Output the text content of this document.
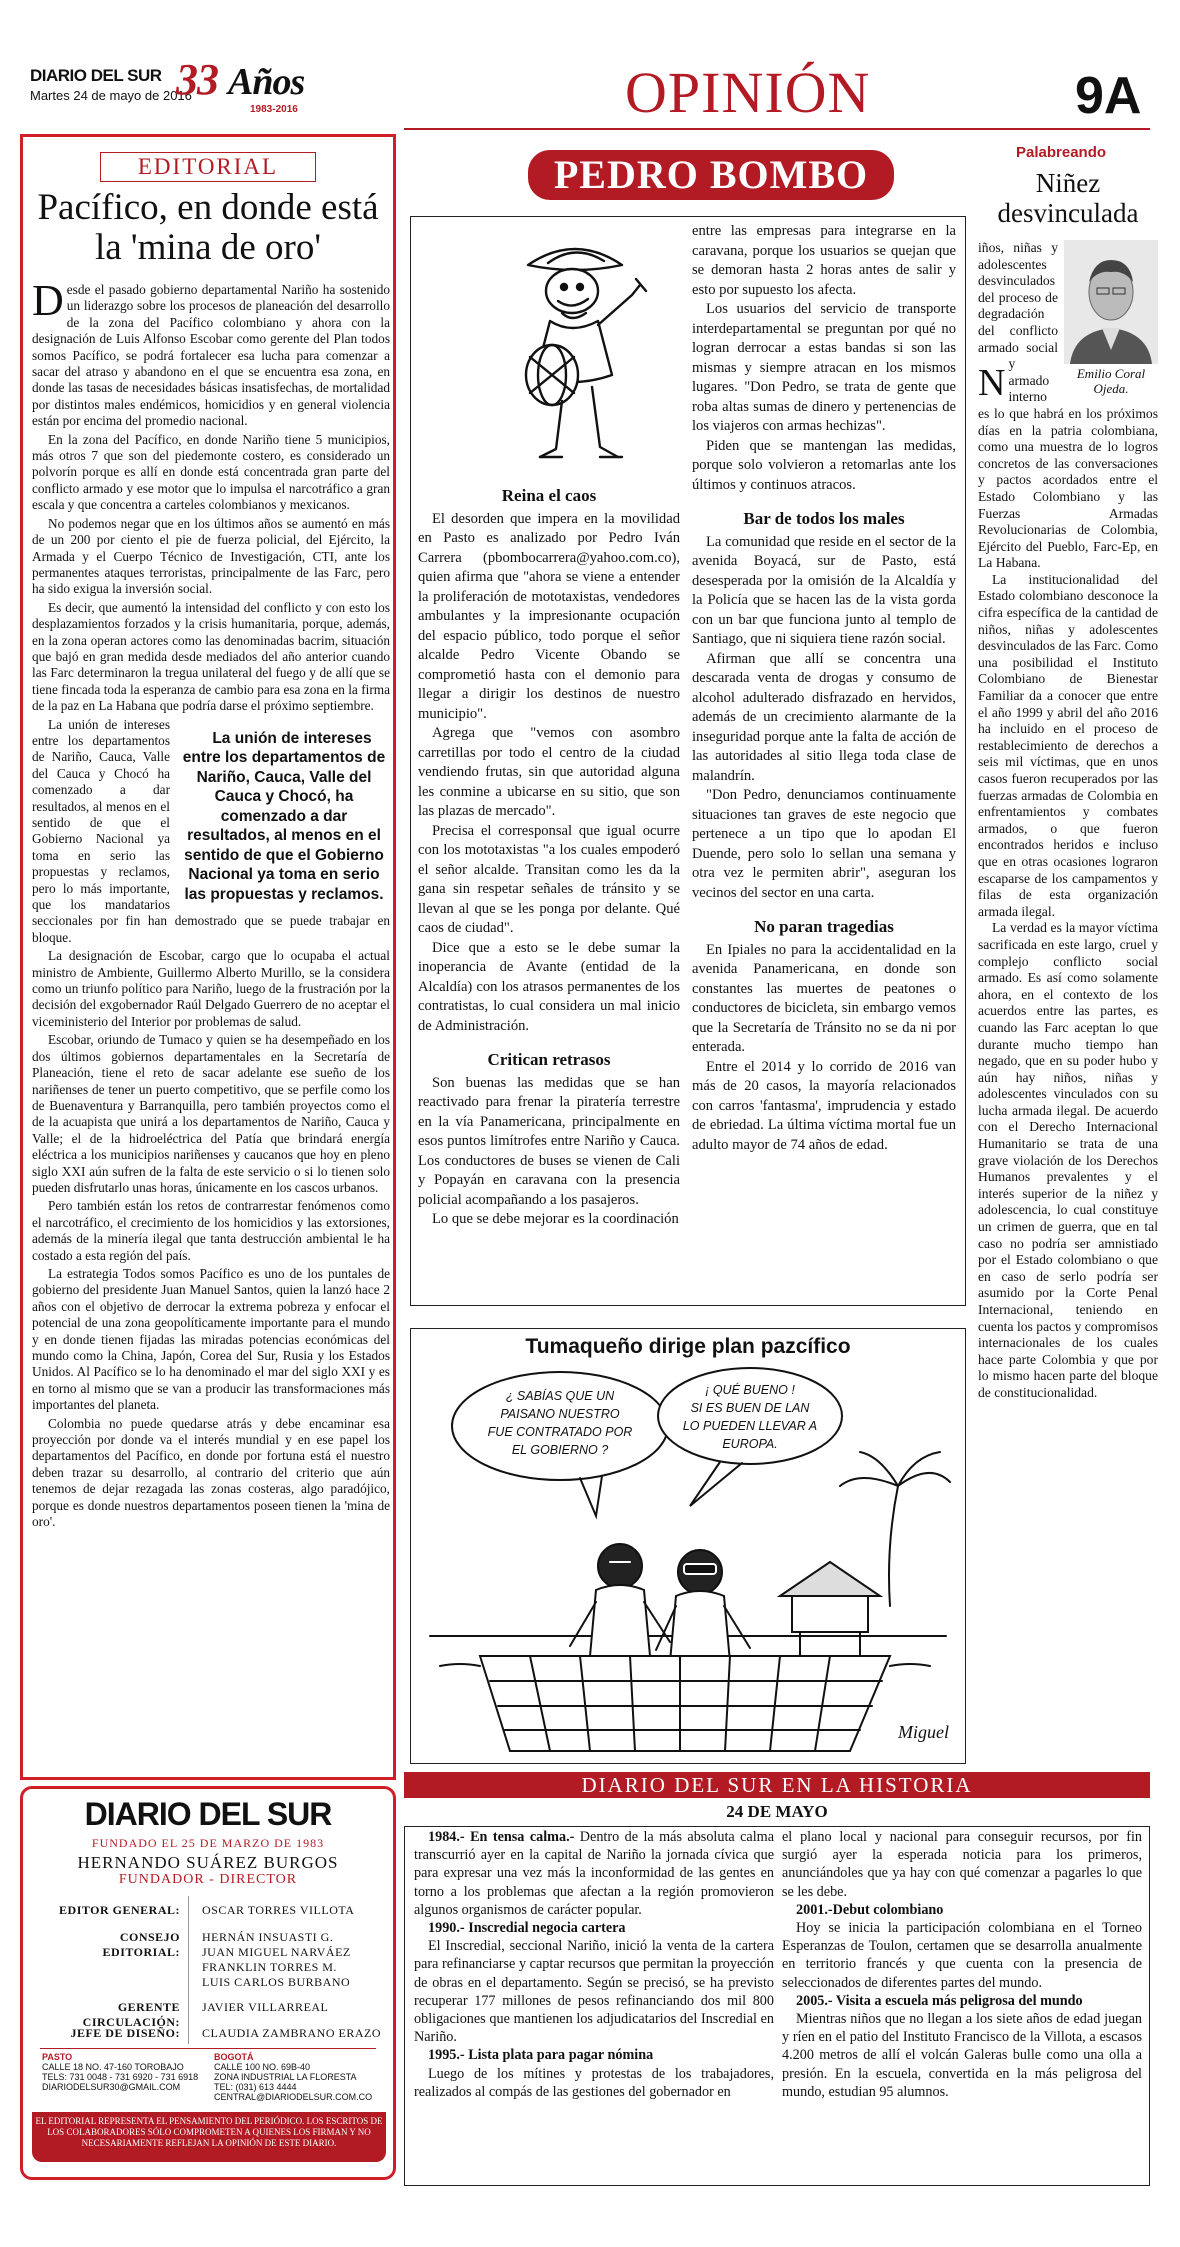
DIARIO DEL SUR
Martes 24 de mayo de 2016
33 Años
1983-2016	OPINIÓN	9A
EDITORIAL
Pacífico, en donde está la 'mina de oro'

Desde el pasado gobierno departamental Nariño ha sostenido un liderazgo sobre los procesos de planeación del desarrollo de la zona del Pacífico colombiano y ahora con la designación de Luis Alfonso Escobar como gerente del Plan todos somos Pacífico, se podrá fortalecer esa lucha para comenzar a sacar del atraso y abandono en el que se encuentra esa zona, en donde las tasas de necesidades básicas insatisfechas, de mortalidad por distintos males endémicos, homicidios y en general violencia están por encima del promedio nacional.

En la zona del Pacífico, en donde Nariño tiene 5 municipios, más otros 7 que son del piedemonte costero, es considerado un polvorín porque es allí en donde está concentrada gran parte del conflicto armado y ese motor que lo impulsa el narcotráfico a gran escala y que concentra a carteles colombianos y mexicanos.

No podemos negar que en los últimos años se aumentó en más de un 200 por ciento el pie de fuerza policial, del Ejército, la Armada y el Cuerpo Técnico de Investigación, CTI, ante los permanentes ataques terroristas, principalmente de las Farc, pero ha sido exigua la inversión social.

Es decir, que aumentó la intensidad del conflicto y con esto los desplazamientos forzados y la crisis humanitaria, porque, además, en la zona operan actores como las denominadas bacrim, situación que bajó en gran medida desde mediados del año anterior cuando las Farc determinaron la tregua unilateral del fuego y de allí que se tiene fincada toda la esperanza de cambio para esa zona en la firma de la paz en La Habana que podría darse el próximo septiembre.

La unión de intereses entre los departamentos de Nariño, Cauca, Valle del Cauca y Chocó, ha comenzado a dar resultados, al menos en el sentido de que el Gobierno Nacional ya toma en serio las propuestas y reclamos.
La unión de intereses entre los departamentos de Nariño, Cauca, Valle del Cauca y Chocó ha comenzado a dar resultados, al menos en el sentido de que el Gobierno Nacional ya toma en serio las propuestas y reclamos, pero lo más importante, que los mandatarios seccionales por fin han demostrado que se puede trabajar en bloque.

La designación de Escobar, cargo que lo ocupaba el actual ministro de Ambiente, Guillermo Alberto Murillo, se la considera como un triunfo político para Nariño, luego de la frustración por la decisión del exgobernador Raúl Delgado Guerrero de no aceptar el viceministerio del Interior por problemas de salud.

Escobar, oriundo de Tumaco y quien se ha desempeñado en los dos últimos gobiernos departamentales en la Secretaría de Planeación, tiene el reto de sacar adelante ese sueño de los nariñenses de tener un puerto competitivo, que se perfile como los de Buenaventura y Barranquilla, pero también proyectos como el de la acuapista que unirá a los departamentos de Nariño, Cauca y Valle; el de la hidroeléctrica del Patía que brindará energía eléctrica a los municipios nariñenses y caucanos que hoy en pleno siglo XXI aún sufren de la falta de este servicio o si lo tienen solo pueden disfrutarlo unas horas, únicamente en los cascos urbanos.

Pero también están los retos de contrarrestar fenómenos como el narcotráfico, el crecimiento de los homicidios y las extorsiones, además de la minería ilegal que tanta destrucción ambiental le ha costado a esta región del país.

La estrategia Todos somos Pacífico es uno de los puntales de gobierno del presidente Juan Manuel Santos, quien la lanzó hace 2 años con el objetivo de derrocar la extrema pobreza y enfocar el potencial de una zona geopolíticamente importante para el mundo y en donde tienen fijadas las miradas potencias económicas del mundo como la China, Japón, Corea del Sur, Rusia y los Estados Unidos. Al Pacífico se lo ha denominado el mar del siglo XXI y es en torno al mismo que se van a producir las transformaciones más importantes del planeta.

Colombia no puede quedarse atrás y debe encaminar esa proyección por donde va el interés mundial y en ese papel los departamentos del Pacífico, en donde por fortuna está el nuestro deben trazar su desarrollo, al contrario del criterio que aún tenemos de dejar rezagada las zonas costeras, algo paradójico, porque es donde nuestros departamentos poseen tienen la 'mina de oro'.

DIARIO DEL SUR
FUNDADO EL 25 DE MARZO DE 1983
HERNANDO SUÁREZ BURGOS
FUNDADOR - DIRECTOR
EDITOR GENERAL: OSCAR TORRES VILLOTA
CONSEJO EDITORIAL:
HERNÁN INSUASTI G.
JUAN MIGUEL NARVÁEZ
FRANKLIN TORRES M.
LUIS CARLOS BURBANO
GERENTE CIRCULACIÓN:
JAVIER VILLARREAL
JEFE DE DISEÑO: CLAUDIA ZAMBRANO ERAZO
PASTO
CALLE 18 NO. 47-160 TOROBAJO
TELS: 731 0048 - 731 6920 - 731 6918
DIARIODELSUR30@GMAIL.COM
BOGOTÁ
CALLE 100 NO. 69B-40
ZONA INDUSTRIAL LA FLORESTA
TEL: (031) 613 4444
CENTRAL@DIARIODELSUR.COM.CO
EL EDITORIAL REPRESENTA EL PENSAMIENTO DEL PERIÓDICO. LOS ESCRITOS DE LOS COLABORADORES SÓLO COMPROMETEN A QUIENES LOS FIRMAN Y NO NECESARIAMENTE REFLEJAN LA OPINIÓN DE ESTE DIARIO.
PEDRO BOMBO

Reina el caos

El desorden que impera en la movilidad en Pasto es analizado por Pedro Iván Carrera (pbombocarrera@yahoo.com.co), quien afirma que "ahora se viene a entender la proliferación de mototaxistas, vendedores ambulantes y la impresionante ocupación del espacio público, todo porque el señor alcalde Pedro Vicente Obando se comprometió hasta con el demonio para llegar a dirigir los destinos de nuestro municipio".

Agrega que "vemos con asombro carretillas por todo el centro de la ciudad vendiendo frutas, sin que autoridad alguna les conmine a ubicarse en su sitio, que son las plazas de mercado".

Precisa el corresponsal que igual ocurre con los mototaxistas "a los cuales empoderó el señor alcalde. Transitan como les da la gana sin respetar señales de tránsito y se llevan al que se les ponga por delante. Qué caos de ciudad".

Dice que a esto se le debe sumar la inoperancia de Avante (entidad de la Alcaldía) con los atrasos permanentes de los contratistas, lo cual considera un mal inicio de Administración.

Critican retrasos

Son buenas las medidas que se han reactivado para frenar la piratería terrestre en la vía Panamericana, principalmente en esos puntos limítrofes entre Nariño y Cauca. Los conductores de buses se vienen de Cali y Popayán en caravana con la presencia policial acompañando a los pasajeros.

Lo que se debe mejorar es la coordinación

entre las empresas para integrarse en la caravana, porque los usuarios se quejan que se demoran hasta 2 horas antes de salir y esto por supuesto los afecta.

Los usuarios del servicio de transporte interdepartamental se preguntan por qué no logran derrocar a estas bandas si son las mismas y siempre atracan en los mismos lugares. "Don Pedro, se trata de gente que roba altas sumas de dinero y pertenencias de los viajeros con armas hechizas".

Piden que se mantengan las medidas, porque solo volvieron a retomarlas ante los últimos y continuos atracos.

Bar de todos los males

La comunidad que reside en el sector de la avenida Boyacá, sur de Pasto, está desesperada por la omisión de la Alcaldía y la Policía que se hacen las de la vista gorda con un bar que funciona junto al templo de Santiago, que ni siquiera tiene razón social.

Afirman que allí se concentra una descarada venta de drogas y consumo de alcohol adulterado disfrazado en hervidos, además de un crecimiento alarmante de la inseguridad porque ante la falta de acción de las autoridades al sitio llega toda clase de malandrín.

"Don Pedro, denunciamos continuamente situaciones tan graves de este negocio que pertenece a un tipo que lo apodan El Duende, pero solo lo sellan una semana y otra vez le permiten abrir", aseguran los vecinos del sector en una carta.

No paran tragedias

En Ipiales no para la accidentalidad en la avenida Panamericana, en donde son constantes las muertes de peatones o conductores de bicicleta, sin embargo vemos que la Secretaría de Tránsito no se da ni por enterada.

Entre el 2014 y lo corrido de 2016 van más de 20 casos, la mayoría relacionados con carros 'fantasma', imprudencia y estado de ebriedad. La última víctima mortal fue un adulto mayor de 74 años de edad.

Palabreando
Niñez desvinculada
Emilio Coral Ojeda.

N
iños, niñas y adolescentes desvinculados del proceso de degradación del conflicto armado social y armado interno es lo que habrá en los próximos días en la patria colombiana, como una muestra de lo logros concretos de las conversaciones y pactos acordados entre el Estado Colombiano y las Fuerzas Armadas Revolucionarias de Colombia, Ejército del Pueblo, Farc-Ep, en La Habana.

La institucionalidad del Estado colombiano desconoce la cifra específica de la cantidad de niños, niñas y adolescentes desvinculados de las Farc. Como una posibilidad el Instituto Colombiano de Bienestar Familiar da a conocer que entre el año 1999 y abril del año 2016 ha incluido en el proceso de restablecimiento de derechos a seis mil víctimas, que en unos casos fueron recuperados por las fuerzas armadas de Colombia en enfrentamientos y combates armados, o que fueron encontrados heridos e incluso que en otras ocasiones lograron escaparse de los campamentos y filas de esta organización armada ilegal.

La verdad es la mayor víctima sacrificada en este largo, cruel y complejo conflicto social armado. Es así como solamente ahora, en el contexto de los acuerdos entre las partes, es cuando las Farc aceptan lo que durante mucho tiempo han negado, que en su poder hubo y aún hay niños, niñas y adolescentes vinculados con su lucha armada ilegal. De acuerdo con el Derecho Internacional Humanitario se trata de una grave violación de los Derechos Humanos prevalentes y el interés superior de la niñez y adolescencia, lo cual constituye un crimen de guerra, que en tal caso no podría ser amnistiado por el Estado colombiano o que en caso de serlo podría ser asumido por la Corte Penal Internacional, teniendo en cuenta los pactos y compromisos internacionales de los cuales hace parte Colombia y que por lo mismo hacen parte del bloque de constitucionalidad.

Tumaqueño dirige plan pazcífico
¿ SABÍAS QUE UN
PAISANO NUESTRO
FUE CONTRATADO POR
EL GOBIERNO ?
¡ QUÉ BUENO !
SI ES BUEN DE LAN
LO PUEDEN LLEVAR A
EUROPA.
Miguel
DIARIO DEL SUR EN LA HISTORIA
24 DE MAYO

1984.- En tensa calma.- Dentro de la más absoluta calma transcurrió ayer en la capital de Nariño la jornada cívica que para expresar una vez más la inconformidad de las gentes en torno a los problemas que afectan a la región promovieron algunos organismos de carácter popular.

1990.- Inscredial negocia cartera

El Inscredial, seccional Nariño, inició la venta de la cartera para refinanciarse y captar recursos que permitan la proyección de obras en el departamento. Según se precisó, se ha previsto recuperar 177 millones de pesos refinanciando dos mil 800 obligaciones que mantienen los adjudicatarios del Inscredial en Nariño.

1995.- Lista plata para pagar nómina

Luego de los mítines y protestas de los trabajadores, realizados al compás de las gestiones del gobernador en

el plano local y nacional para conseguir recursos, por fin surgió ayer la esperada noticia para los primeros, anunciándoles que ya hay con qué comenzar a pagarles lo que se les debe.

2001.-Debut colombiano

Hoy se inicia la participación colombiana en el Torneo Esperanzas de Toulon, certamen que se desarrolla anualmente en territorio francés y que cuenta con la presencia de seleccionados de diferentes partes del mundo.

2005.- Visita a escuela más peligrosa del mundo

Mientras niños que no llegan a los siete años de edad juegan y ríen en el patio del Instituto Francisco de la Villota, a escasos 4.200 metros de allí el volcán Galeras bulle como una olla a presión. En la escuela, convertida en la más peligrosa del mundo, estudian 95 alumnos.
